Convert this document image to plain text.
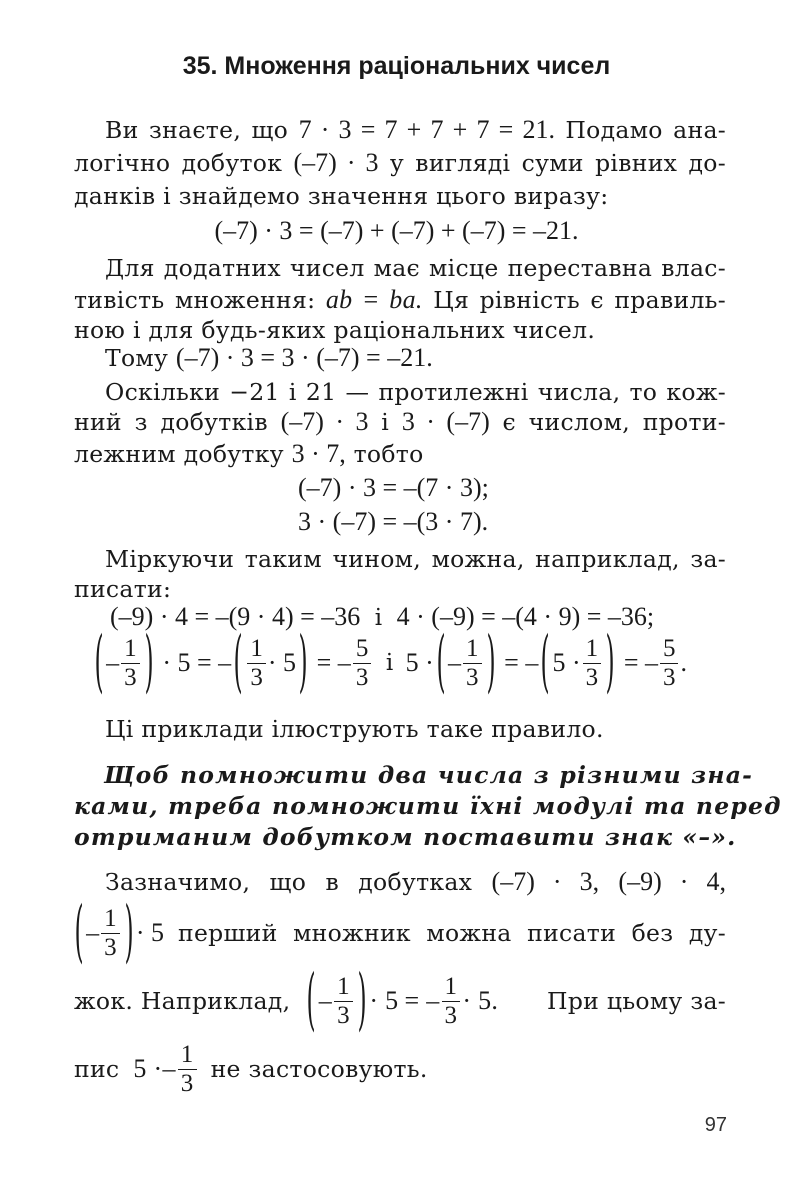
35. Множення раціональних чисел
Ви знаєте, що 7 · 3 = 7 + 7 + 7 = 21. Подамо ана-
логічно добуток (–7) · 3 у вигляді суми рівних до-
данків і знайдемо значення цього виразу:
(–7) · 3 = (–7) + (–7) + (–7) = –21.
Для додатних чисел має місце переставна влас-
тивість множення: ab = ba. Ця рівність є правиль-
ною і для будь-яких раціональних чисел.
Тому (–7) · 3 = 3 · (–7) = –21.
Оскільки −21 і 21 — протилежні числа, то кож-
ний з добутків (–7) · 3 і 3 · (–7) є числом, проти-
лежним добутку 3 · 7, тобто
(–7) · 3 = –(7 · 3);
3 · (–7) = –(3 · 7).
Міркуючи таким чином, можна, наприклад, за-
писати:
(–9) · 4 = –(9 · 4) = –36 і 4 · (–9) = –(4 · 9) = –36;
(– $\frac{1}{3}$ ) · 5 = –( $\frac{1}{3} \cdot 5$) = – $\frac{5}{3}$ і 5 ·(– $\frac{1}{3}$ ) = $-(5 \cdot \frac{1}{3}$ ) = – $\frac{5}{3}$ .
Ці приклади ілюструють таке правило.
Щоб помножити два числа з різними зна-
ками, треба помножити їхні модулі та перед
отриманим добутком поставити знак «–».
Зазначимо, що в добутках (–7) · 3, (–9) · 4,
( – $\frac{1}{3}$ ) · 5 перший множник можна писати без ду-
жок. Наприклад, ( – $\frac{1}{3}$ ) · 5 = – $\frac{1}{3} \cdot 5$.	При цьому за-
пис 5 · – $\frac{1}{3}$ не застосовують.
97
